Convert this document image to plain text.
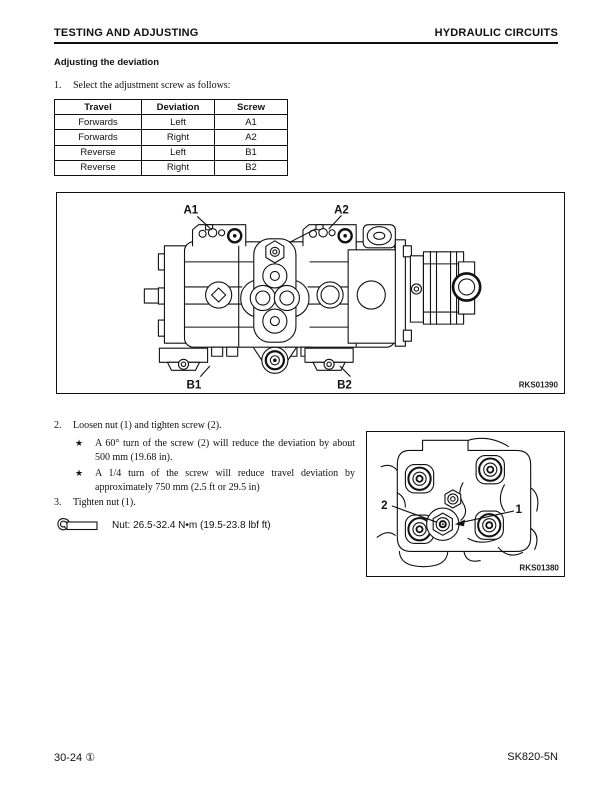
TESTING AND ADJUSTING	HYDRAULIC CIRCUITS
Adjusting the deviation
1.	Select the adjustment screw as follows:
Travel	Deviation	Screw
Forwards	Left	A1
Forwards	Right	A2
Reverse	Left	B1
Reverse	Right	B2
A1	A2
B1	B2	RKS01390
2.	Loosen nut (1) and tighten screw (2).
★	A 60° turn of the screw (2) will reduce the deviation by about 500 mm (19.68 in).
★	A 1/4 turn of the screw will reduce travel deviation by approximately 750 mm (2.5 ft or 29.5 in)
3.	Tighten nut (1).
Nut: 26.5-32.4 N•m (19.5-23.8 lbf ft)
2	1
RKS01380
30-24 ①	SK820-5N
